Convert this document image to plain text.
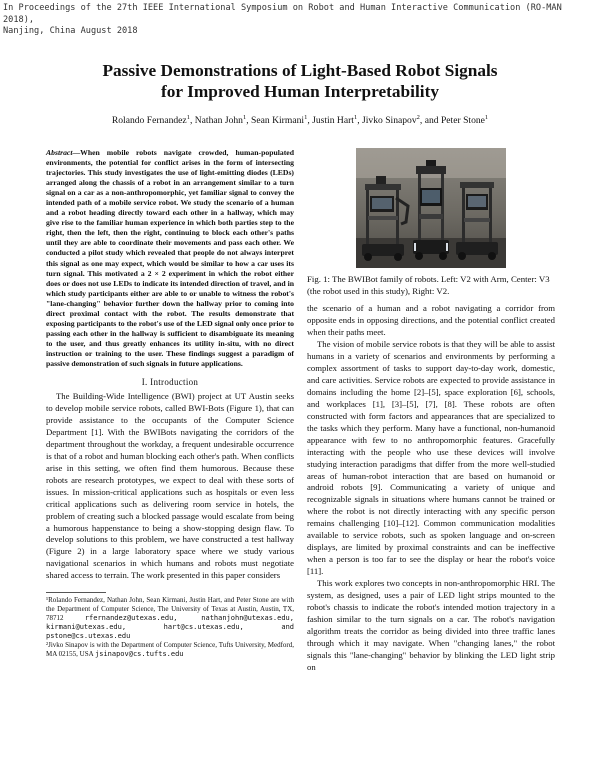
In Proceedings of the 27th IEEE International Symposium on Robot and Human Interactive Communication (RO-MAN 2018),
Nanjing, China August 2018
Passive Demonstrations of Light-Based Robot Signals
for Improved Human Interpretability
Rolando Fernandez$^1$, Nathan John$^1$, Sean Kirmani$^1$, Justin Hart$^1$, Jivko Sinapov$^2$, and Peter Stone$^1$

Abstract—When mobile robots navigate crowded, human-populated environments, the potential for conflict arises in the form of intersecting trajectories. This study investigates the use of light-emitting diodes (LEDs) arranged along the chassis of a robot in an arrangement similar to a turn signal on a car as a non-anthropomorphic, yet familiar signal to convey the intended path of a mobile service robot. We study the scenario of a human and a robot heading directly toward each other in a hallway, which may give rise to the familiar human experience in which both parties step to the right, then the left, then the right, continuing to block each other's paths until they are able to coordinate their movements and pass each other. We conducted a pilot study which revealed that people do not always interpret this signal as one may expect, which would be similar to how a car uses its turn signal. This motivated a 2 × 2 experiment in which the robot either does or does not use LEDs to indicate its intended direction of travel, and in which study participants either are able to or unable to witness the robot's "lane-changing" behavior further down the hallway prior to coming into direct proximal contact with the robot. The results demonstrate that exposing participants to the robot's use of the LED signal only once prior to passing each other in the hallway is sufficient to disambiguate its meaning to the user, and thus greatly enhances its utility in-situ, with no direct instruction or training to the user. These findings suggest a paradigm of passive demonstration of such signals in future applications.

I. Introduction

The Building-Wide Intelligence (BWI) project at UT Austin seeks to develop mobile service robots, called BWI-Bots (Figure 1), that can provide assistance to the occupants of the Computer Science Department [1]. With the BWIBots navigating the corridors of the department throughout the workday, a frequent undesirable occurrence is that of a robot and human blocking each other's path. When conflicts arise in this setting, we often find them humorous. Because these robots are research prototypes, we expect to deal with these sorts of issues. In mission-critical applications such as hospitals or even less critical applications such as delivering room service in hotels, the problem of creating such a blocked passage would escalate from being a humorous happenstance to being a show-stopping design flaw. To develop solutions to this problem, we have constructed a test hallway (Figure 2) in a large laboratory space where we study various navigational scenarios in which humans and robots must negotiate shared access to terrain. The work presented in this paper considers

¹Rolando Fernandez, Nathan John, Sean Kirmani, Justin Hart, and Peter Stone are with the Department of Computer Science, The University of Texas at Austin, Austin, TX, 78712	rfernandez@utexas.edu, nathanjohn@utexas.edu, kirmani@utexas.edu, hart@cs.utexas.edu, and pstone@cs.utexas.edu

²Jivko Sinapov is with the Department of Computer Science, Tufts University, Medford, MA 02155, USA jsinapov@cs.tufts.edu

Fig. 1: The BWIBot family of robots. Left: V2 with Arm, Center: V3 (the robot used in this study), Right: V2.

the scenario of a human and a robot navigating a corridor from opposite ends in opposing directions, and the potential conflict created when their paths meet.

The vision of mobile service robots is that they will be able to assist humans in a variety of scenarios and environments by performing a complex assortment of tasks to support day-to-day work, domestic, and care activities. Service robots are expected to provide assistance in domains including the home [2]–[5], space exploration [6], schools, and workplaces [1], [3]–[5], [7], [8]. These robots are often constructed with form factors and appearances that are specialized to the tasks which they perform. Many have a functional, non-humanoid appearance with few to no anthropomorphic features. Gracefully interacting with the people who use these devices will involve studying interaction paradigms that differ from the more well-studied areas of human-robot interaction that are based on humanoid or android robots [9]. Communicating a variety of unique and recognizable signals in situations where humans cannot be trained or where the robot is not directly interacting with any specific person remains challenging [10]–[12]. Common communication modalities available to service robots, such as spoken language and on-screen displays, are limited by proximal constraints and can be ineffective when a person is too far to see the display or hear the robot's voice [11].

This work explores two concepts in non-anthropomorphic HRI. The system, as designed, uses a pair of LED light strips mounted to the robot's chassis to indicate the robot's intended motion trajectory in a fashion similar to the turn signals on a car. The robot's navigation algorithm treats the corridor as being divided into three traffic lanes through which it may navigate. When "changing lanes," the robot signals this "lane-changing" behavior by blinking the LED light strip on
